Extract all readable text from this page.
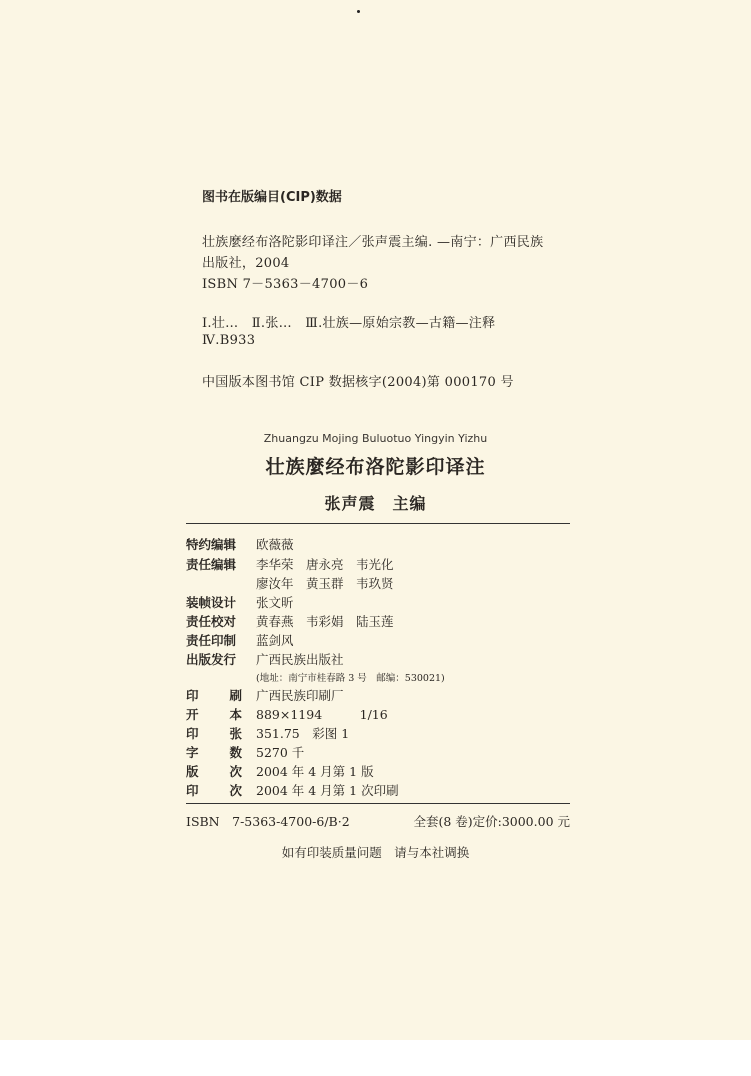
图书在版编目(CIP)数据
壮族麼经布洛陀影印译注／张声震主编. —南宁：广西民族
出版社，2004
ISBN 7－5363－4700－6
Ⅰ.壮…　Ⅱ.张…　Ⅲ.壮族—原始宗教—古籍—注释
Ⅳ.B933
中国版本图书馆 CIP 数据核字(2004)第 000170 号
Zhuangzu Mojing Buluotuo Yingyin Yizhu
壮族麼经布洛陀影印译注
张声震　主编
特约编辑	欧薇薇
责任编辑	李华荣　唐永亮　韦光化
廖汝年　黄玉群　韦玖贤
装帧设计	张文昕
责任校对	黄春燕　韦彩娟　陆玉莲
责任印制	蓝剑风
出版发行	广西民族出版社
(地址：南宁市桂春路 3 号　邮编：530021)
印 刷 广西民族印刷厂
开 本 889×1194　　　1/16
印 张 351.75　彩图 1
字 数 5270 千
版 次 2004 年 4 月第 1 版
印 次 2004 年 4 月第 1 次印刷
ISBN　7-5363-4700-6/B·2	全套(8 卷)定价:3000.00 元
如有印装质量问题　请与本社调换
